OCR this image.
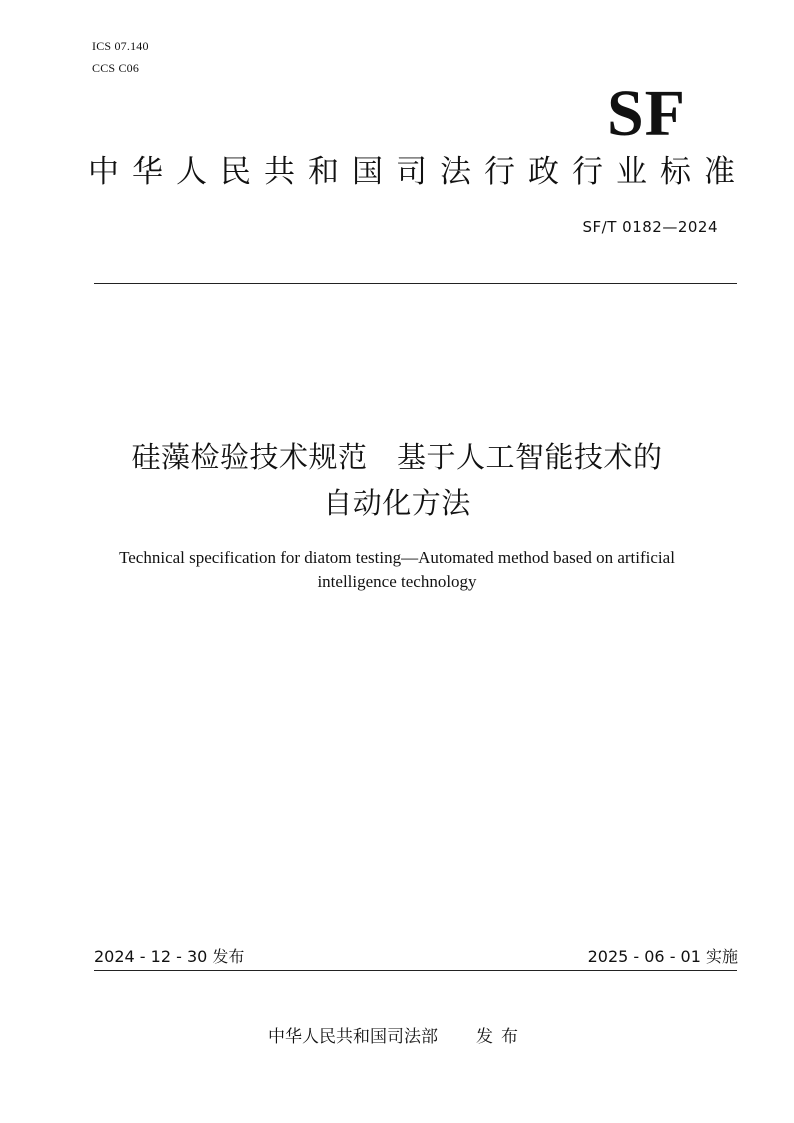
ICS 07.140
CCS C06
SF
中华人民共和国司法行政行业标准
SF/T 0182—2024
硅藻检验技术规范　基于人工智能技术的
自动化方法
Technical specification for diatom testing—Automated method based on artificial
intelligence technology
2024 - 12 - 30 发布	2025 - 06 - 01 实施
中华人民共和国司法部 发布
